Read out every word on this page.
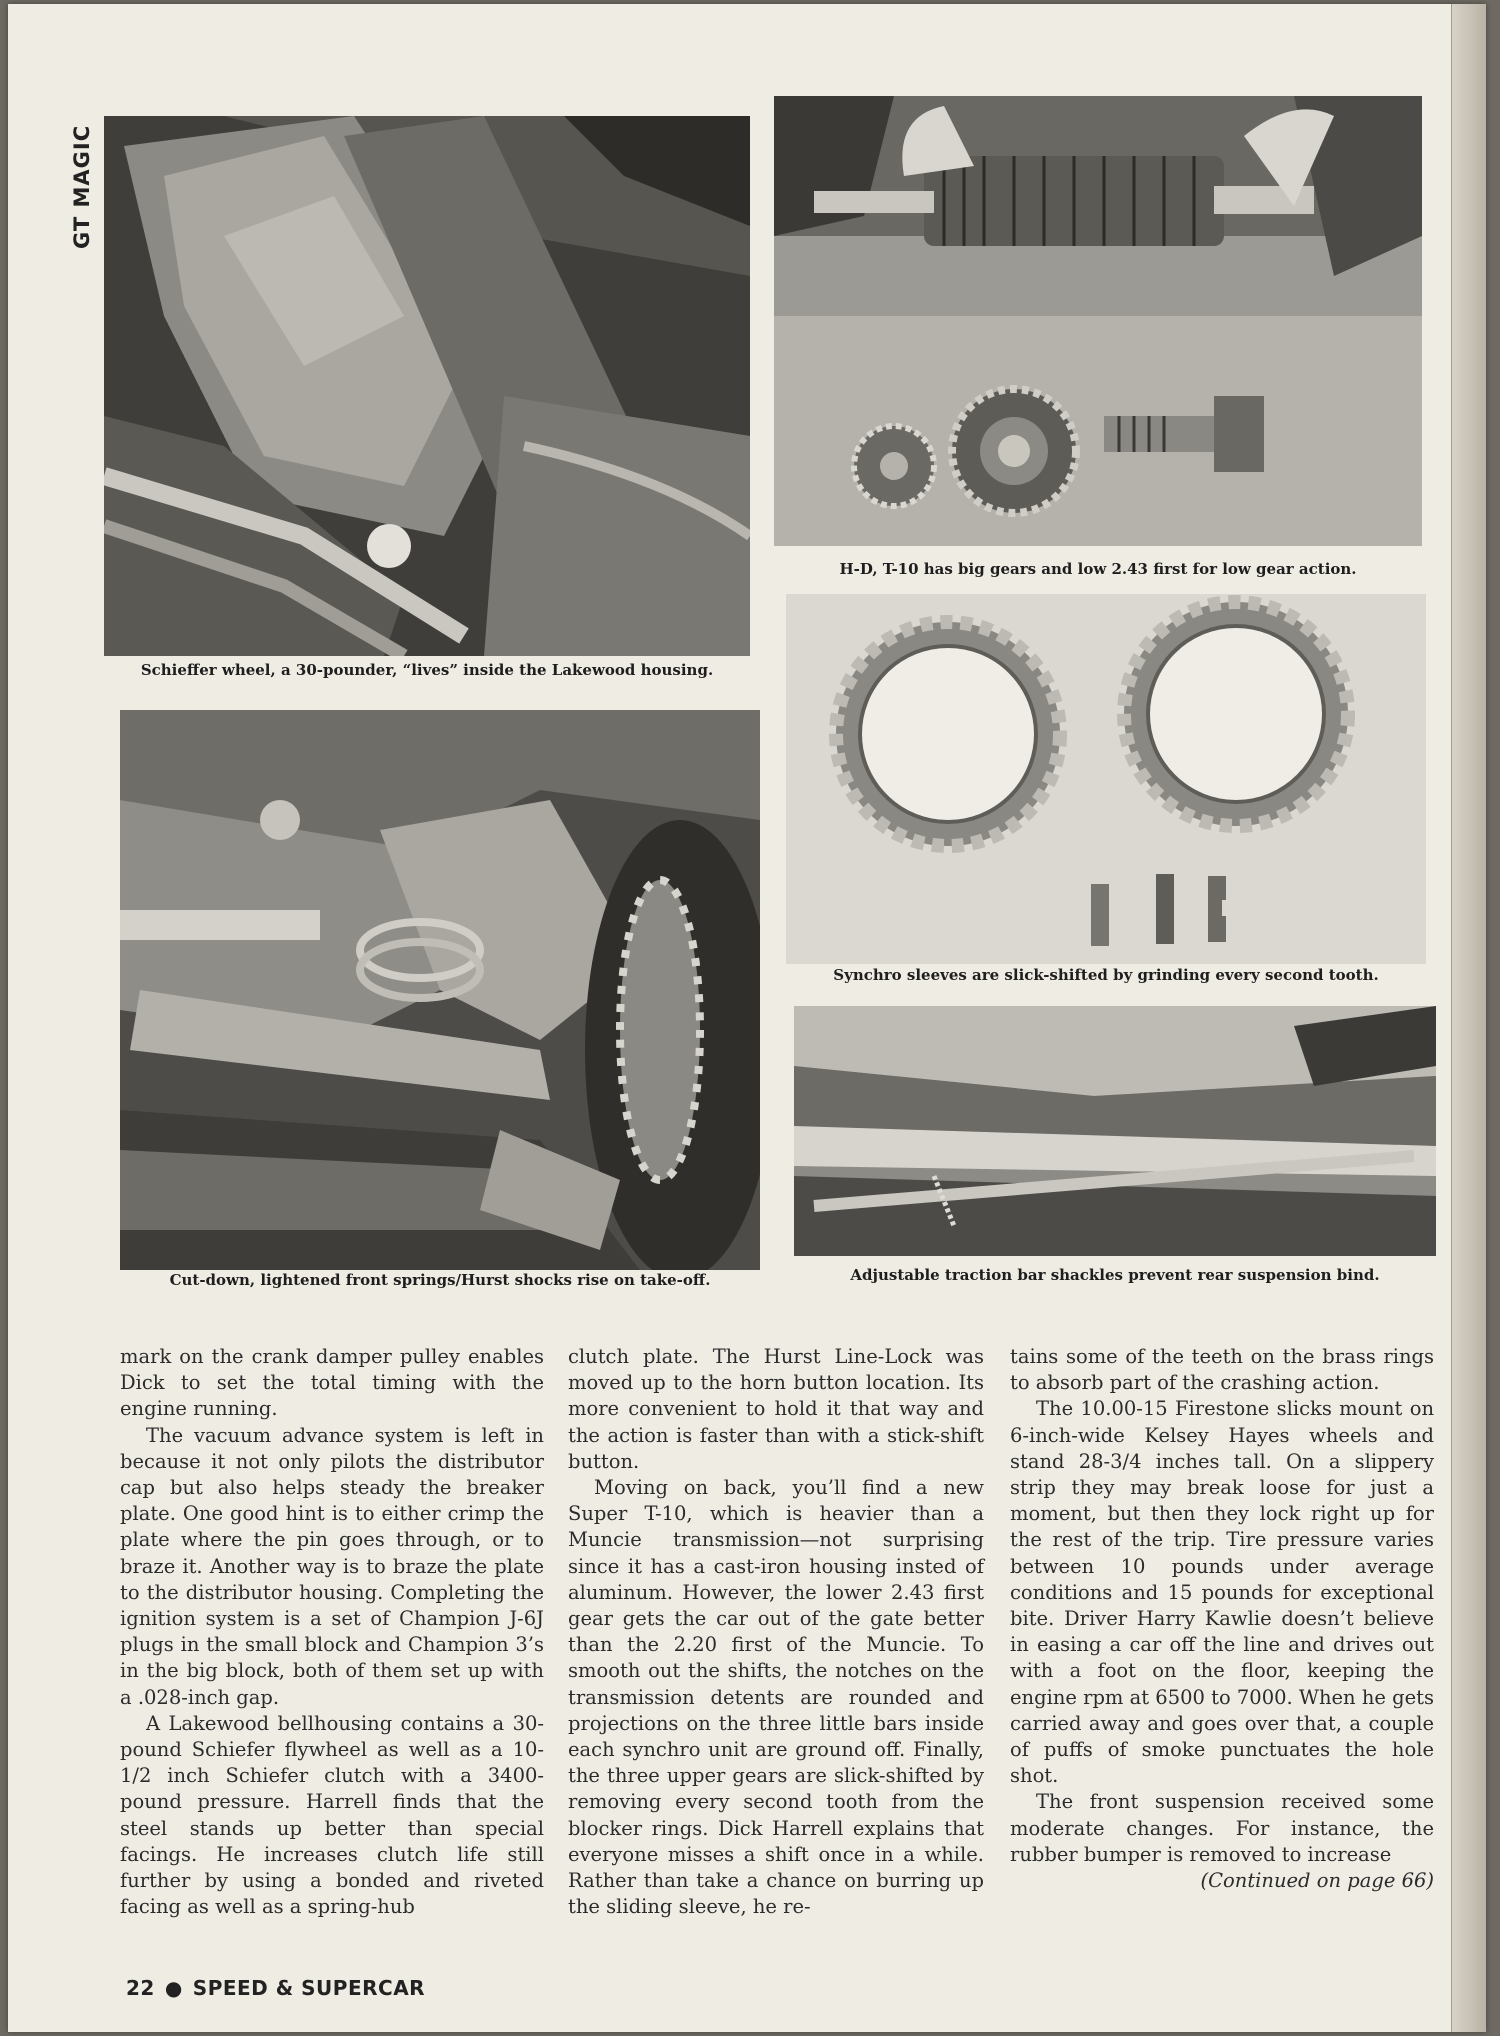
GT MAGIC
Schieffer wheel, a 30-pounder, “lives” inside the Lakewood housing.
H-D, T-10 has big gears and low 2.43 first for low gear action.
Synchro sleeves are slick-shifted by grinding every second tooth.
Cut-down, lightened front springs/Hurst shocks rise on take-off.	Adjustable traction bar shackles prevent rear suspension bind.

mark on the crank damper pulley enables Dick to set the total timing with the engine running.

The vacuum advance system is left in because it not only pilots the distributor cap but also helps steady the breaker plate. One good hint is to either crimp the plate where the pin goes through, or to braze it. Another way is to braze the plate to the distributor housing. Completing the ignition system is a set of Champion J-6J plugs in the small block and Champion 3’s in the big block, both of them set up with a .028-inch gap.

A Lakewood bellhousing contains a 30-pound Schiefer flywheel as well as a 10-1/2 inch Schiefer clutch with a 3400-pound pressure. Harrell finds that the steel stands up better than special facings. He increases clutch life still further by using a bonded and riveted facing as well as a spring-hub

clutch plate. The Hurst Line-Lock was moved up to the horn button location. Its more convenient to hold it that way and the action is faster than with a stick-shift button.

Moving on back, you’ll find a new Super T-10, which is heavier than a Muncie transmission—not surprising since it has a cast-iron housing insted of aluminum. However, the lower 2.43 first gear gets the car out of the gate better than the 2.20 first of the Muncie. To smooth out the shifts, the notches on the transmission detents are rounded and projections on the three little bars inside each synchro unit are ground off. Finally, the three upper gears are slick-shifted by removing every second tooth from the blocker rings. Dick Harrell explains that everyone misses a shift once in a while. Rather than take a chance on burring up the sliding sleeve, he re-

tains some of the teeth on the brass rings to absorb part of the crashing action.

The 10.00-15 Firestone slicks mount on 6-inch-wide Kelsey Hayes wheels and stand 28-3/4 inches tall. On a slippery strip they may break loose for just a moment, but then they lock right up for the rest of the trip. Tire pressure varies between 10 pounds under average conditions and 15 pounds for exceptional bite. Driver Harry Kawlie doesn’t believe in easing a car off the line and drives out with a foot on the floor, keeping the engine rpm at 6500 to 7000. When he gets carried away and goes over that, a couple of puffs of smoke punctuates the hole shot.

The front suspension received some moderate changes. For instance, the rubber bumper is removed to increase

(Continued on page 66)
22 ● SPEED & SUPERCAR
